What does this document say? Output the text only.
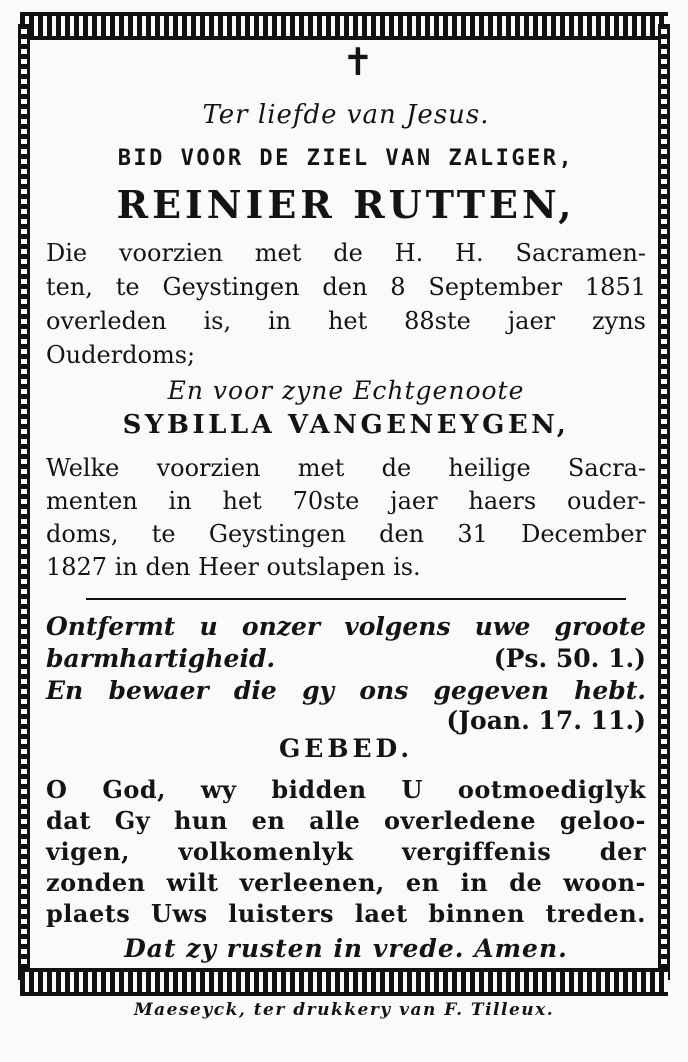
✝
Ter liefde van Jesus.
BID VOOR DE ZIEL VAN ZALIGER,
REINIER RUTTEN,
Die voorzien met de H. H. Sacramen-
ten, te Geystingen den 8 September 1851
overleden is, in het 88ste jaer zyns
Ouderdoms;
En voor zyne Echtgenoote
SYBILLA VANGENEYGEN,
Welke voorzien met de heilige Sacra-
menten in het 70ste jaer haers ouder-
doms, te Geystingen den 31 December
1827 in den Heer outslapen is.
Ontfermt u onzer volgens uwe groote
barmhartigheid.	(Ps. 50. 1.)
En bewaer die gy ons gegeven hebt.
(Joan. 17. 11.)
GEBED.
O God, wy bidden U ootmoediglyk
dat Gy hun en alle overledene geloo-
vigen, volkomenlyk vergiffenis der
zonden wilt verleenen, en in de woon-
plaets Uws luisters laet binnen treden.
Dat zy rusten in vrede. Amen.
Maeseyck, ter drukkery van F. Tilleux.
